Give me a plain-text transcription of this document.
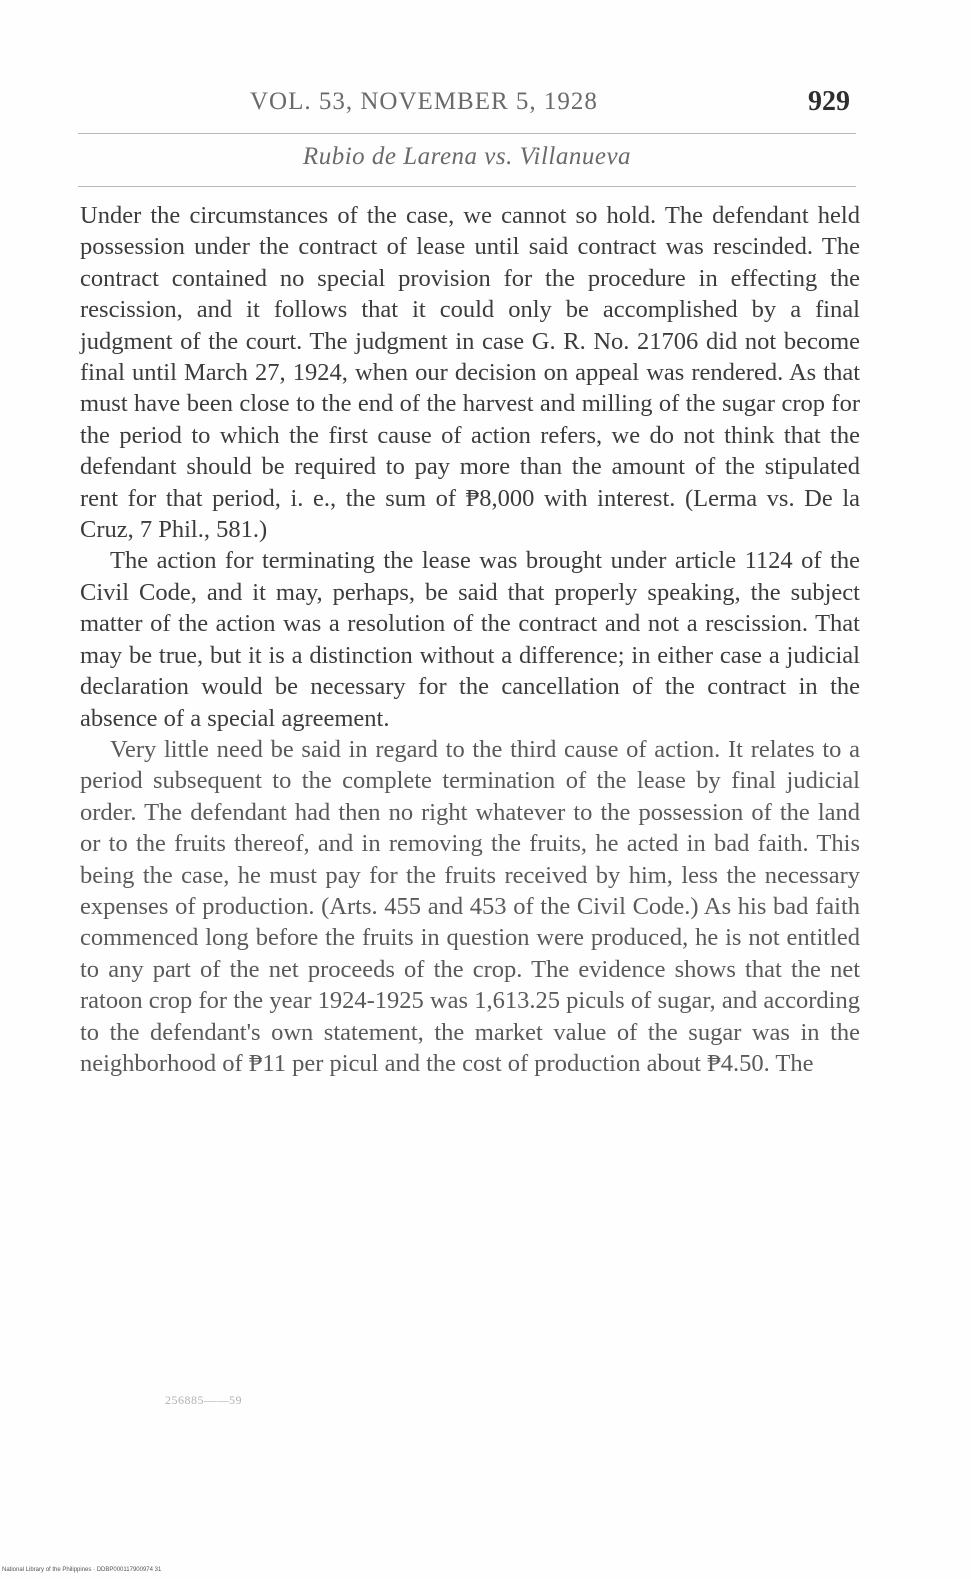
VOL. 53, NOVEMBER 5, 1928	929
Rubio de Larena vs. Villanueva

Under the circumstances of the case, we cannot so hold. The defendant held possession under the contract of lease until said contract was rescinded. The contract contained no special provision for the procedure in effecting the rescission, and it follows that it could only be accomplished by a final judgment of the court. The judgment in case G. R. No. 21706 did not become final until March 27, 1924, when our decision on appeal was rendered. As that must have been close to the end of the harvest and milling of the sugar crop for the period to which the first cause of action refers, we do not think that the defendant should be required to pay more than the amount of the stipulated rent for that period, i. e., the sum of ₱8,000 with interest. (Lerma vs. De la Cruz, 7 Phil., 581.)

The action for terminating the lease was brought under article 1124 of the Civil Code, and it may, perhaps, be said that properly speaking, the subject matter of the action was a resolution of the contract and not a rescission. That may be true, but it is a distinction without a difference; in either case a judicial declaration would be necessary for the cancellation of the contract in the absence of a special agreement.

Very little need be said in regard to the third cause of action. It relates to a period subsequent to the complete termination of the lease by final judicial order. The defendant had then no right whatever to the possession of the land or to the fruits thereof, and in removing the fruits, he acted in bad faith. This being the case, he must pay for the fruits received by him, less the necessary expenses of production. (Arts. 455 and 453 of the Civil Code.) As his bad faith commenced long before the fruits in question were produced, he is not entitled to any part of the net proceeds of the crop. The evidence shows that the net ratoon crop for the year 1924-1925 was 1,613.25 piculs of sugar, and according to the defendant's own statement, the market value of the sugar was in the neighborhood of ₱11 per picul and the cost of production about ₱4.50. The

256885——59
National Library of the Philippines · DDBP000117900974 31
